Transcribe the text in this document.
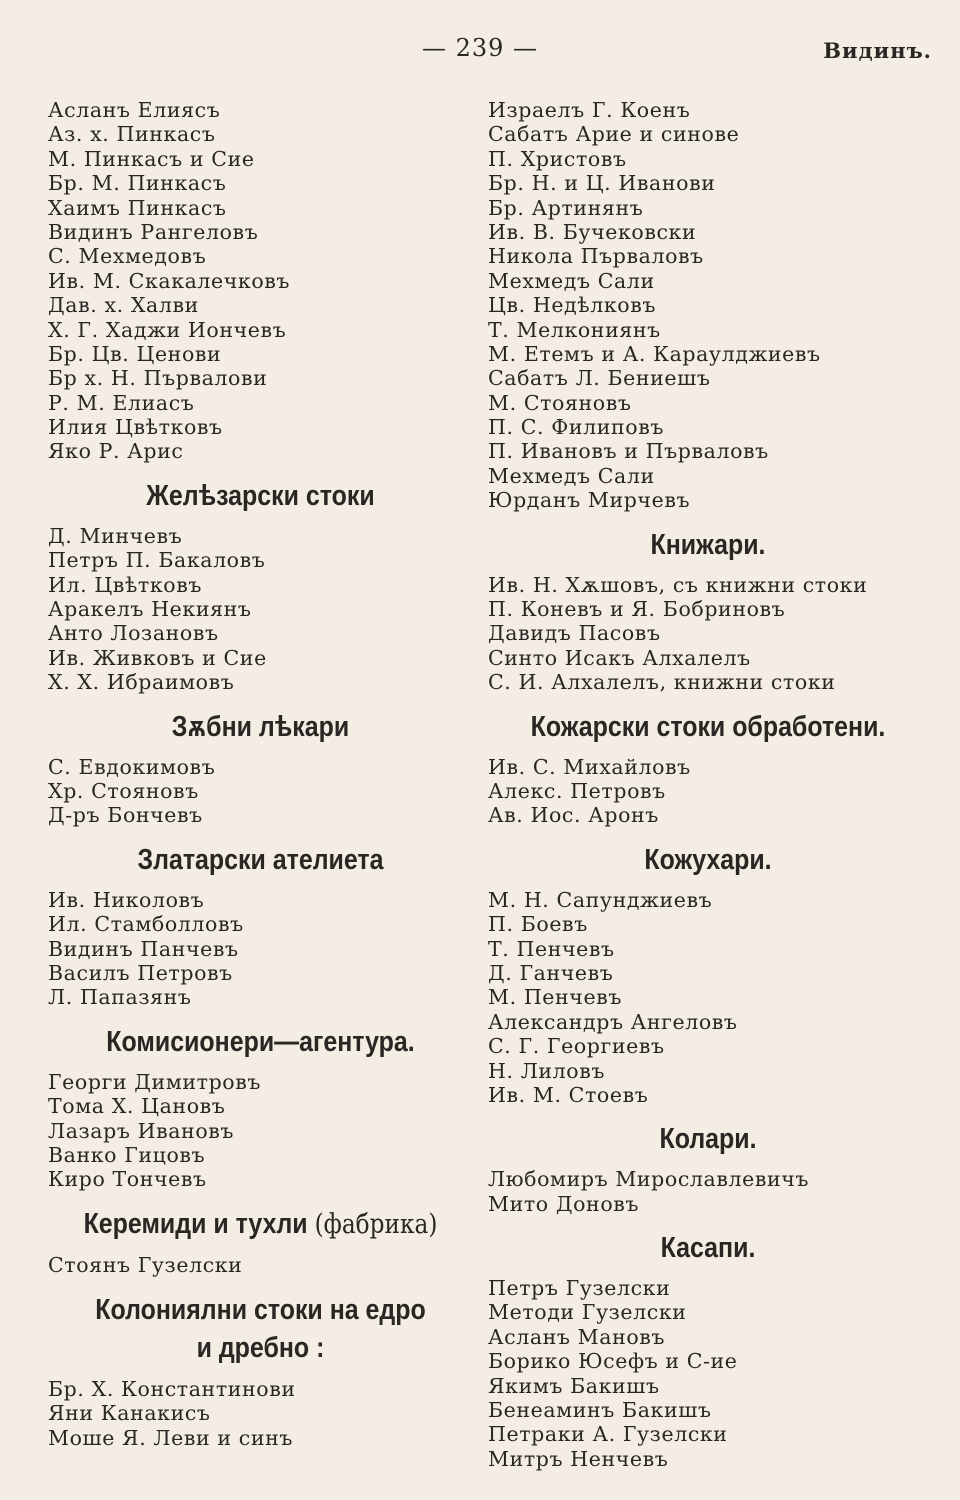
— 239 —	Видинъ.
Асланъ Елиясъ
Аз. х. Пинкасъ
М. Пинкасъ и Сие
Бр. М. Пинкасъ
Хаимъ Пинкасъ
Видинъ Рангеловъ
С. Мехмедовъ
Ив. М. Скакалечковъ
Дав. х. Халви
Х. Г. Хаджи Иончевъ
Бр. Цв. Ценови
Бр х. Н. Първалови
Р. М. Елиасъ
Илия Цвѣтковъ
Яко Р. Арис
Желѣзарски стоки
Д. Минчевъ
Петръ П. Бакаловъ
Ил. Цвѣтковъ
Аракелъ Некиянъ
Анто Лозановъ
Ив. Живковъ и Сие
Х. Х. Ибраимовъ
Зѫбни лѣкари
С. Евдокимовъ
Хр. Стояновъ
Д-ръ Бончевъ
Златарски ателиета
Ив. Николовъ
Ил. Стамболловъ
Видинъ Панчевъ
Василъ Петровъ
Л. Папазянъ
Комисионери—агентура.
Георги Димитровъ
Тома Х. Цановъ
Лазаръ Ивановъ
Ванко Гицовъ
Киро Тончевъ
Керемиди и тухли (фабрика)
Стоянъ Гузелски
Колониялни стоки на едро
и дребно :
Бр. Х. Константинови
Яни Канакисъ
Моше Я. Леви и синъ
Израелъ Г. Коенъ
Сабатъ Арие и синове
П. Христовъ
Бр. Н. и Ц. Иванови
Бр. Артинянъ
Ив. В. Бучековски
Никола Първаловъ
Мехмедъ Сали
Цв. Недѣлковъ
Т. Мелкониянъ
М. Етемъ и А. Караулджиевъ
Сабатъ Л. Бениешъ
М. Стояновъ
П. С. Филиповъ
П. Ивановъ и Първаловъ
Мехмедъ Сали
Юрданъ Мирчевъ
Книжари.
Ив. Н. Хѫшовъ, съ книжни стоки
П. Коневъ и Я. Бобриновъ
Давидъ Пасовъ
Синто Исакъ Алхалелъ
С. И. Алхалелъ, книжни стоки
Кожарски стоки обработени.
Ив. С. Михайловъ
Алекс. Петровъ
Ав. Иос. Аронъ
Кожухари.
М. Н. Сапунджиевъ
П. Боевъ
Т. Пенчевъ
Д. Ганчевъ
М. Пенчевъ
Александръ Ангеловъ
С. Г. Георгиевъ
Н. Лиловъ
Ив. М. Стоевъ
Колари.
Любомиръ Мирославлевичъ
Мито Доновъ
Касапи.
Петръ Гузелски
Методи Гузелски
Асланъ Мановъ
Борико Юсефъ и С-ие
Якимъ Бакишъ
Бенеаминъ Бакишъ
Петраки А. Гузелски
Митръ Ненчевъ
